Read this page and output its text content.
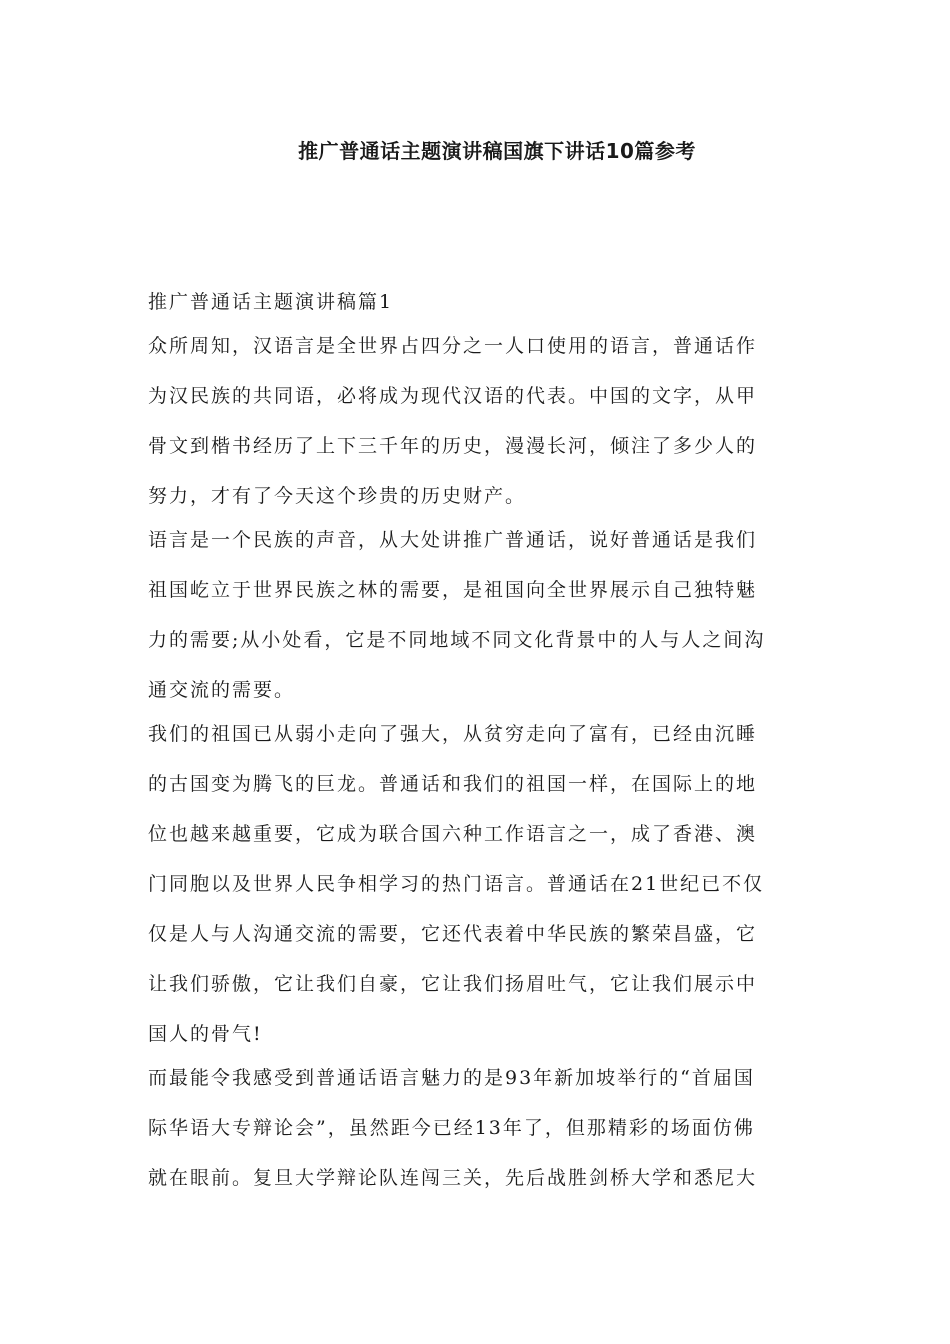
推广普通话主题演讲稿国旗下讲话10篇参考
推广普通话主题演讲稿篇1
众所周知，汉语言是全世界占四分之一人口使用的语言，普通话作
为汉民族的共同语，必将成为现代汉语的代表。中国的文字，从甲
骨文到楷书经历了上下三千年的历史，漫漫长河，倾注了多少人的
努力，才有了今天这个珍贵的历史财产。
语言是一个民族的声音，从大处讲推广普通话，说好普通话是我们
祖国屹立于世界民族之林的需要，是祖国向全世界展示自己独特魅
力的需要;从小处看，它是不同地域不同文化背景中的人与人之间沟
通交流的需要。
我们的祖国已从弱小走向了强大，从贫穷走向了富有，已经由沉睡
的古国变为腾飞的巨龙。普通话和我们的祖国一样，在国际上的地
位也越来越重要，它成为联合国六种工作语言之一，成了香港、澳
门同胞以及世界人民争相学习的热门语言。普通话在21世纪已不仅
仅是人与人沟通交流的需要，它还代表着中华民族的繁荣昌盛，它
让我们骄傲，它让我们自豪，它让我们扬眉吐气，它让我们展示中
国人的骨气!
而最能令我感受到普通话语言魅力的是93年新加坡举行的“首届国
际华语大专辩论会”，虽然距今已经13年了，但那精彩的场面仿佛
就在眼前。复旦大学辩论队连闯三关，先后战胜剑桥大学和悉尼大
